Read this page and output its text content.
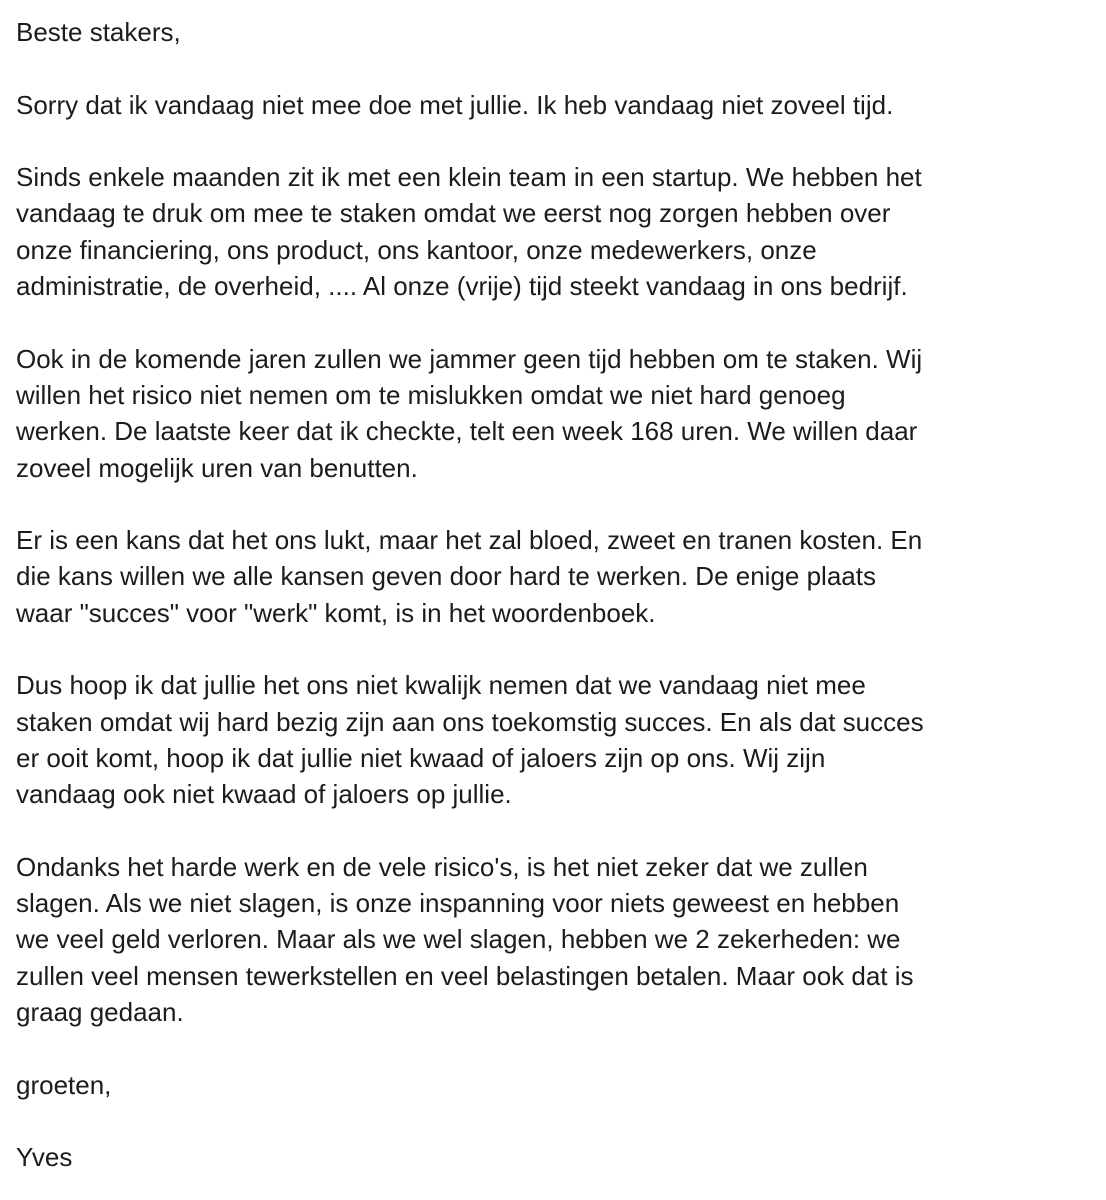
Beste stakers,

Sorry dat ik vandaag niet mee doe met jullie. Ik heb vandaag niet zoveel tijd.

Sinds enkele maanden zit ik met een klein team in een startup. We hebben het
vandaag te druk om mee te staken omdat we eerst nog zorgen hebben over
onze financiering, ons product, ons kantoor, onze medewerkers, onze
administratie, de overheid, .... Al onze (vrije) tijd steekt vandaag in ons bedrijf.

Ook in de komende jaren zullen we jammer geen tijd hebben om te staken. Wij
willen het risico niet nemen om te mislukken omdat we niet hard genoeg
werken. De laatste keer dat ik checkte, telt een week 168 uren. We willen daar
zoveel mogelijk uren van benutten.

Er is een kans dat het ons lukt, maar het zal bloed, zweet en tranen kosten. En
die kans willen we alle kansen geven door hard te werken. De enige plaats
waar "succes" voor "werk" komt, is in het woordenboek.

Dus hoop ik dat jullie het ons niet kwalijk nemen dat we vandaag niet mee
staken omdat wij hard bezig zijn aan ons toekomstig succes. En als dat succes
er ooit komt, hoop ik dat jullie niet kwaad of jaloers zijn op ons. Wij zijn
vandaag ook niet kwaad of jaloers op jullie.

Ondanks het harde werk en de vele risico's, is het niet zeker dat we zullen
slagen. Als we niet slagen, is onze inspanning voor niets geweest en hebben
we veel geld verloren. Maar als we wel slagen, hebben we 2 zekerheden: we
zullen veel mensen tewerkstellen en veel belastingen betalen. Maar ook dat is
graag gedaan.

groeten,

Yves
